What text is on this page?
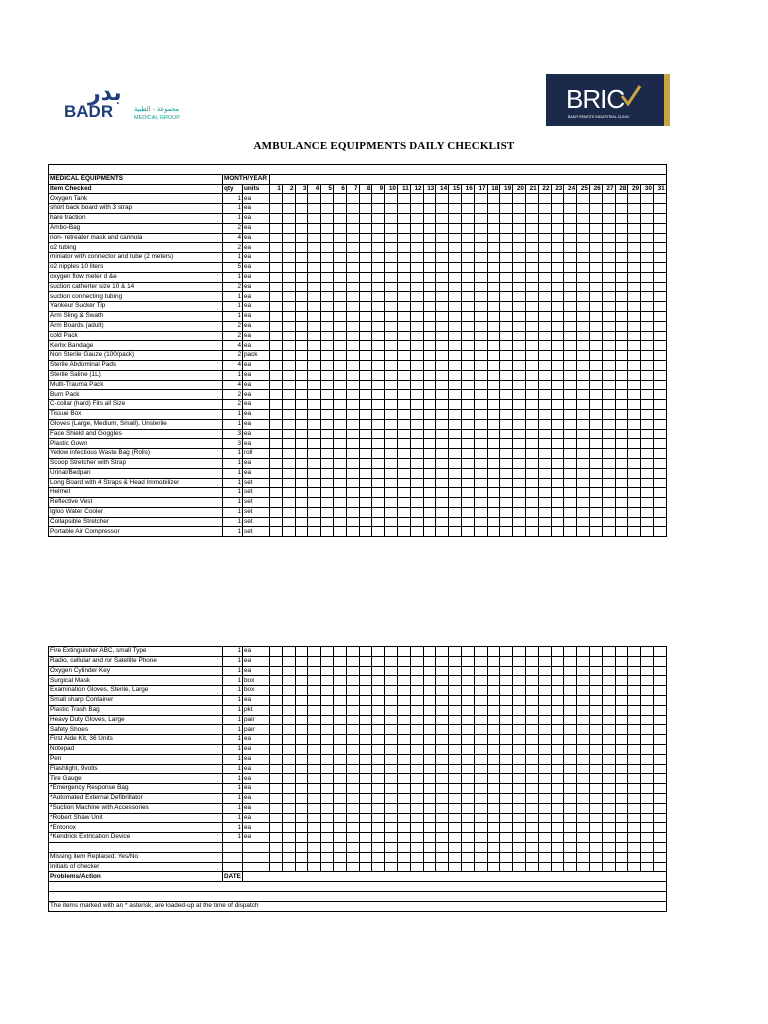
بدر
BADR	مجموعة - الطبية
MEDICAL GROUP
BRIC
BADR REMOTE INDUSTRIAL CLINIC
AMBULANCE EQUIPMENTS DAILY CHECKLIST

MEDICAL EQUIPMENTS	MONTH/YEAR																																
Item Checked	qty	units	1	2	3	4	5	6	7	8	9	10	11	12	13	14	15	16	17	18	19	20	21	22	23	24	25	26	27	28	29	30	31
Oxygen Tank	1	ea																															
short back board with 3 strap	1	ea																															
hare traction	1	ea																															
Ambo-Bag	2	ea																															
non- retreater mask and cannula	4	ea																															
o2 tubing	2	ea																															
miniator with connector and tube (2 meters)	1	ea																															
o2 nipples 10 liters	5	ea																															
oxygen flow meter d &e	1	ea																															
suction catherter size 10 & 14	2	ea																															
suction connecting tubing	1	ea																															
Yankeur Sucker Tip	1	ea																															
Arm Sling & Swath	1	ea																															
Arm Boards (adult)	2	ea																															
cold Pack	2	ea																															
Kerlix Bandage	4	ea																															
Non Sterile Gauze (100/pack)	2	pack																															
Sterile Abdominal Pads	4	ea																															
Sterile Saline (1L)	1	ea																															
Multi-Trauma Pack	4	ea																															
Burn Pack	2	ea																															
C-collar (hard) Fits all Size	2	ea																															
Tissue Box	1	ea																															
Gloves (Large, Medium, Small), Unsterile	1	ea																															
Face Shield and Goggles	3	ea																															
Plastic Gown	3	ea																															
Yellow infectious Waste Bag (Rolls)	1	roll																															
Scoop Stretcher with Strap	1	ea																															
Urinal/Bedpan	1	ea																															
Long Board with 4 Straps & Head Immobilizer	1	set																															
Helmet	1	set																															
Reflective Vest	1	set																															
Igloo Water Cooler	1	set																															
Collapsible Stretcher	1	set																															
Portable Air Compressor	1	set																															
Fire Extinguisher ABC, small Type	1	ea																															
Radio, cellular and /or Satellite Phone	1	ea																															
Oxygen Cylinder Key	1	ea																															
Surgical Mask	1	box																															
Examination Gloves, Sterile, Large	1	box																															
Small sharp Container	1	ea																															
Plastic Trash Bag	1	pkt																															
Heavy Duty Gloves, Large	1	pair																															
Safety Shoes	1	pair																															
First Aide Kit, 36 Units	1	ea																															
Notepad	1	ea																															
Pen	1	ea																															
Flashlight, 9volts	1	ea																															
Tire Gauge	1	ea																															
*Emergency Response Bag	1	ea																															
*Automated External Defibrillator	1	ea																															
*Suction Machine with Accessories	1	ea																															
*Robert Shaw Unit	1	ea																															
*Entonox	1	ea																															
*Kendrick Extrication Device	1	ea																															

Missing item Replaced: Yes/No																																	
Initials of checker																																	
Problems/Action	DATE																																

The items marked with an * asterisk, are loaded-up at the time of dispatch																																	
